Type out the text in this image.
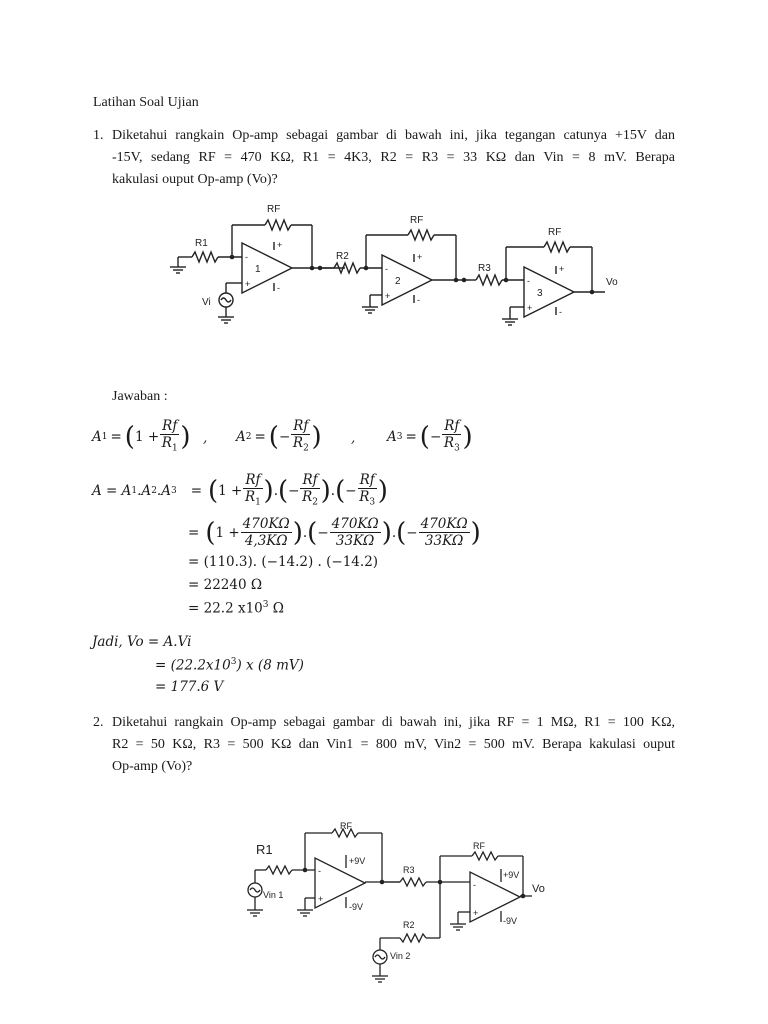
Latihan Soal Ujian
1. Diketahui rangkain Op-amp sebagai gambar di bawah ini, jika tegangan catunya +15V dan
-15V, sedang RF = 470 KΩ, R1 = 4K3, R2 = R3 = 33 KΩ dan Vin = 8 mV. Berapa
kakulasi ouput Op-amp (Vo)?
RF
RF
RF
R1
R2
R3
1
2
3
Vi
Vo
-
+
+
-
-
+
+
-
-
+
+
-
Jawaban :
A 1 = ( $1 + \frac{Rf}{R_1}$ ) , A 2 = ( − $\frac{Rf}{R_2}$ ) , A 3 = ( − $\frac{Rf}{R_3}$ )
A = A 1 .A 2 .A 3 = ( $1 + \frac{Rf}{R_1}$ ) . ( − $\frac{Rf}{R_2}$ ) . ( − $\frac{Rf}{R_3}$ )
= ( $1 + \frac{470K\Omega}{4,3K\Omega}$ ) . ( − $\frac{470K\Omega}{33K\Omega}$ ) . ( − $\frac{470K\Omega}{33K\Omega}$ )
= (110.3). (−14.2) . (−14.2)
= 22240 Ω
= 22.2 $x10^3$ Ω
Jadi, Vo = A.Vi
= $(22.2x10^3)$ x (8 mV)
= 177.6 V
2. Diketahui rangkain Op-amp sebagai gambar di bawah ini, jika RF = 1 MΩ, R1 = 100 KΩ,
R2 = 50 KΩ, R3 = 500 KΩ dan Vin1 = 800 mV, Vin2 = 500 mV. Berapa kakulasi ouput
Op-amp (Vo)?
R1
RF
RF
R3
R2
+9V
-9V
+9V
-9V
Vin 1
Vin 2
Vo
-
+
-
+
